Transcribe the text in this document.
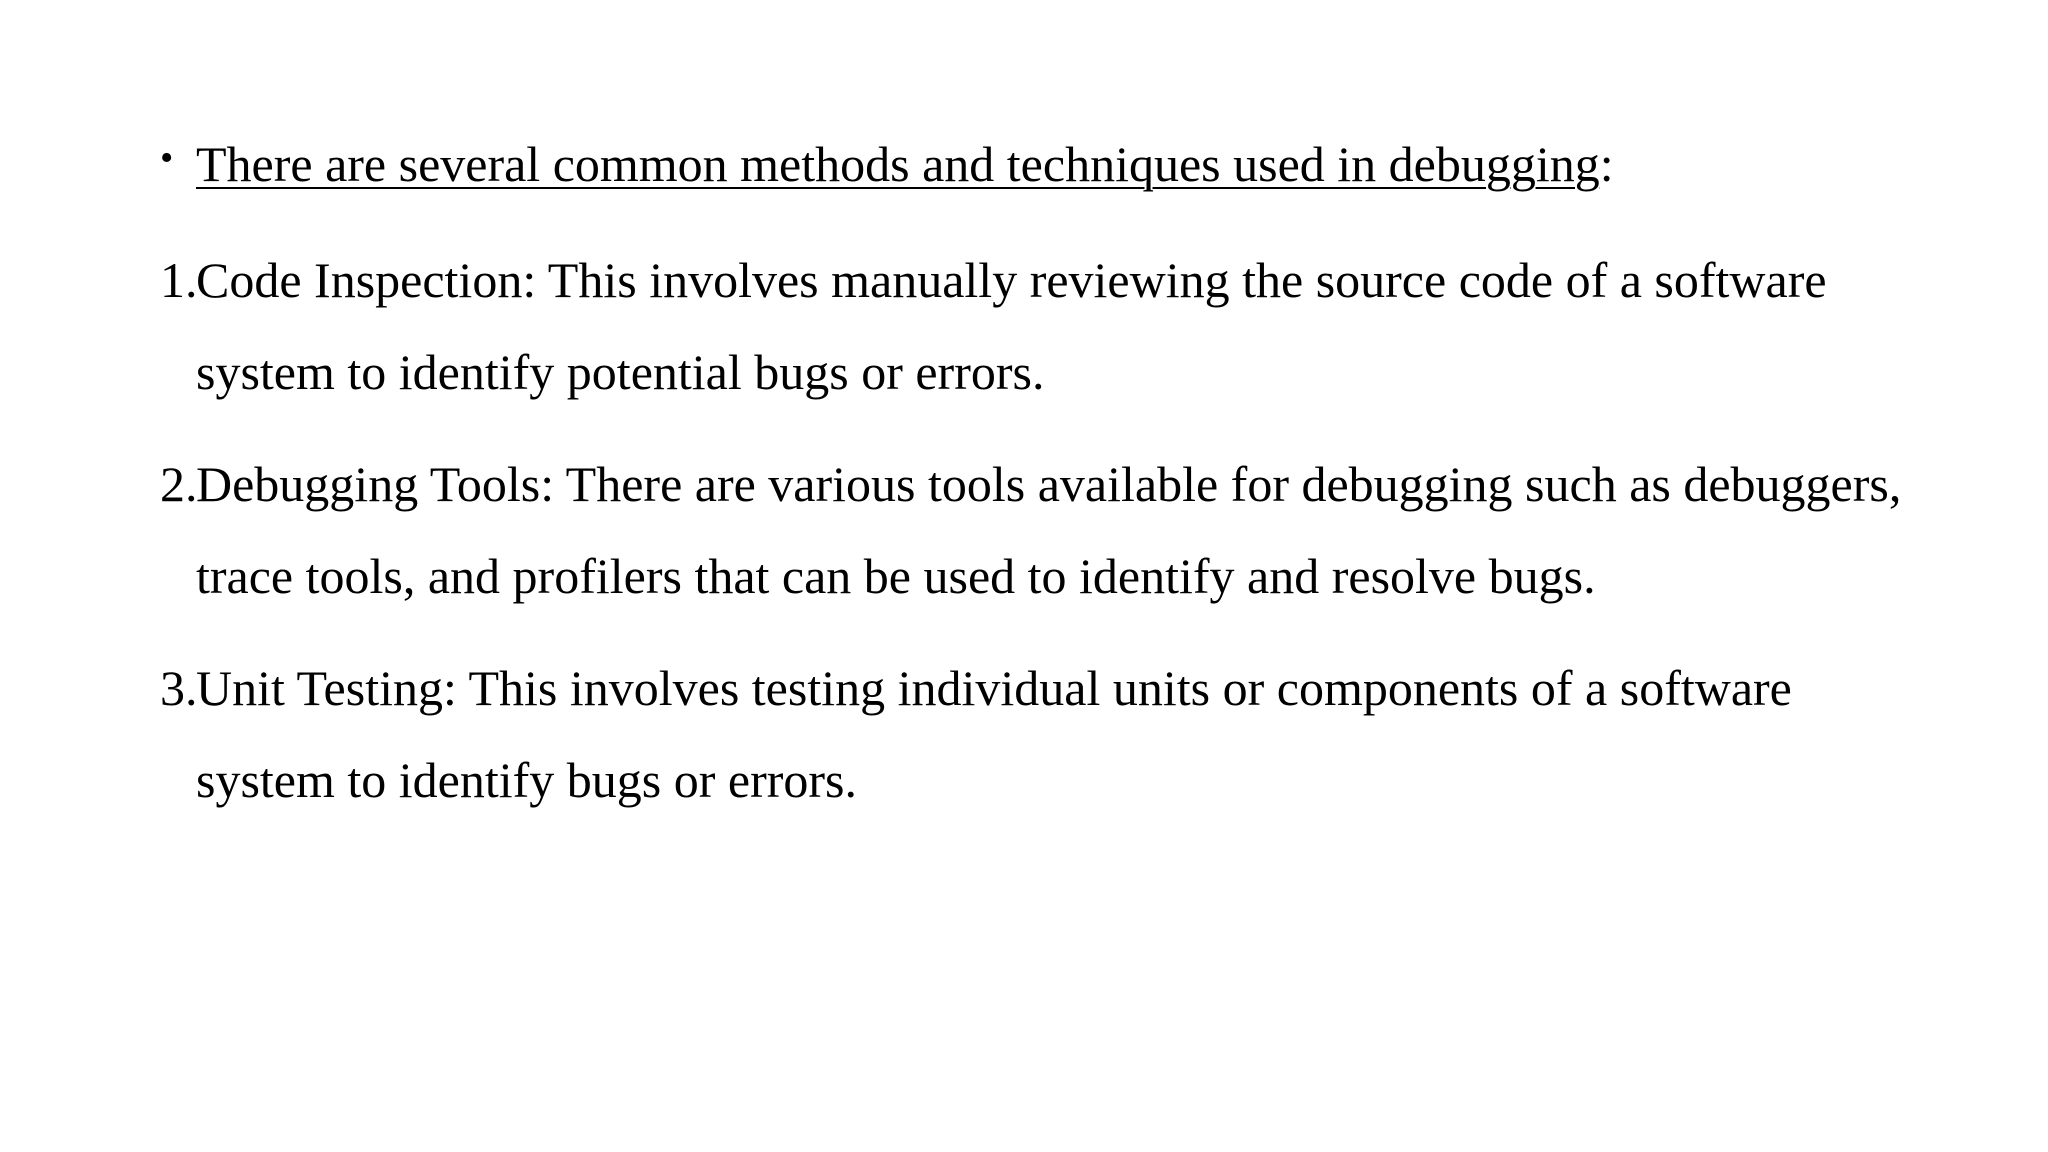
• There are several common methods and techniques used in debugging:
1.
Code Inspection: This involves manually reviewing the source code of a software system to identify potential bugs or errors.
2.
Debugging Tools: There are various tools available for debugging such as debuggers, trace tools, and profilers that can be used to identify and resolve bugs.
3.
Unit Testing: This involves testing individual units or components of a software system to identify bugs or errors.
